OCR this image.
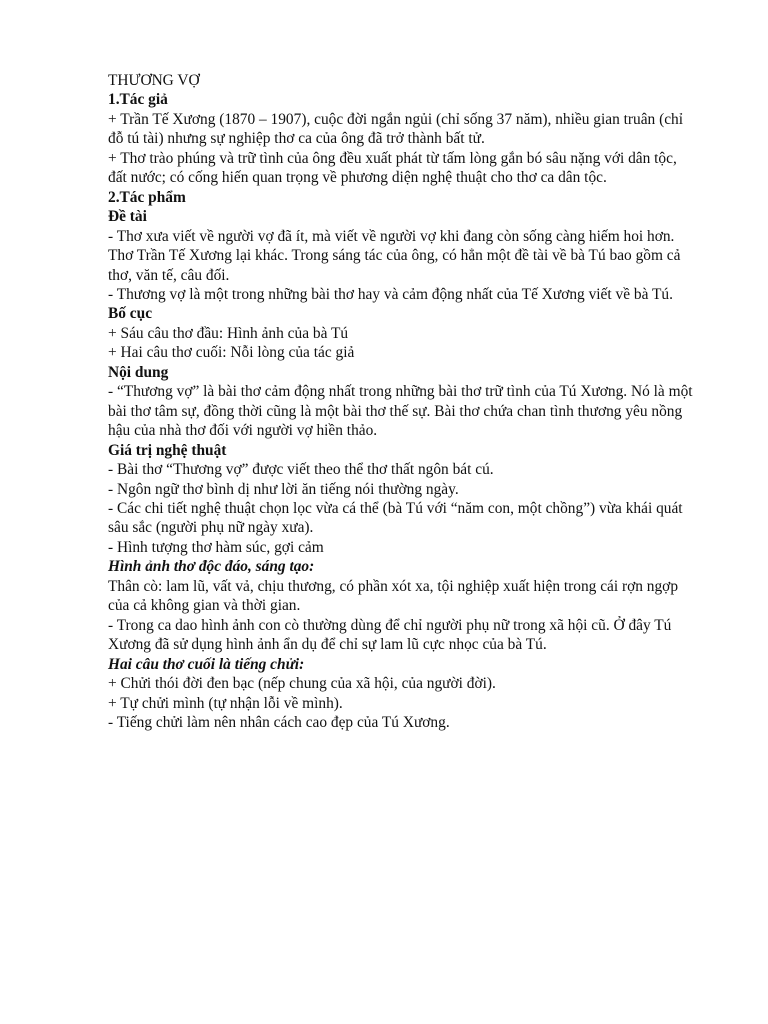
THƯƠNG VỢ
1.Tác giả
+ Trần Tế Xương (1870 – 1907), cuộc đời ngắn ngủi (chỉ sống 37 năm), nhiều gian truân (chỉ đỗ tú tài) nhưng sự nghiệp thơ ca của ông đã trở thành bất tử.
+ Thơ trào phúng và trữ tình của ông đều xuất phát từ tấm lòng gắn bó sâu nặng với dân tộc, đất nước; có cống hiến quan trọng về phương diện nghệ thuật cho thơ ca dân tộc.
2.Tác phẩm
Đề tài
- Thơ xưa viết về người vợ đã ít, mà viết về người vợ khi đang còn sống càng hiếm hoi hơn. Thơ Trần Tế Xương lại khác. Trong sáng tác của ông, có hẳn một đề tài về bà Tú bao gồm cả thơ, văn tế, câu đối.
- Thương vợ là một trong những bài thơ hay và cảm động nhất của Tế Xương viết về bà Tú.
Bố cục
+ Sáu câu thơ đầu: Hình ảnh của bà Tú
+ Hai câu thơ cuối: Nỗi lòng của tác giả
Nội dung
- “Thương vợ” là bài thơ cảm động nhất trong những bài thơ trữ tình của Tú Xương. Nó là một bài thơ tâm sự, đồng thời cũng là một bài thơ thế sự. Bài thơ chứa chan tình thương yêu nồng hậu của nhà thơ đối với người vợ hiền thảo.
Giá trị nghệ thuật
- Bài thơ “Thương vợ” được viết theo thể thơ thất ngôn bát cú.
- Ngôn ngữ thơ bình dị như lời ăn tiếng nói thường ngày.
- Các chi tiết nghệ thuật chọn lọc vừa cá thể (bà Tú với “năm con, một chồng”) vừa khái quát sâu sắc (người phụ nữ ngày xưa).
- Hình tượng thơ hàm súc, gợi cảm
Hình ảnh thơ độc đáo, sáng tạo:
Thân cò: lam lũ, vất vả, chịu thương, có phần xót xa, tội nghiệp xuất hiện trong cái rợn ngợp của cả không gian và thời gian.
- Trong ca dao hình ảnh con cò thường dùng để chỉ người phụ nữ trong xã hội cũ. Ở đây Tú Xương đã sử dụng hình ảnh ẩn dụ để chỉ sự lam lũ cực nhọc của bà Tú.
Hai câu thơ cuối là tiếng chửi:
+ Chửi thói đời đen bạc (nếp chung của xã hội, của người đời).
+ Tự chửi mình (tự nhận lỗi về mình).
- Tiếng chửi làm nên nhân cách cao đẹp của Tú Xương.
